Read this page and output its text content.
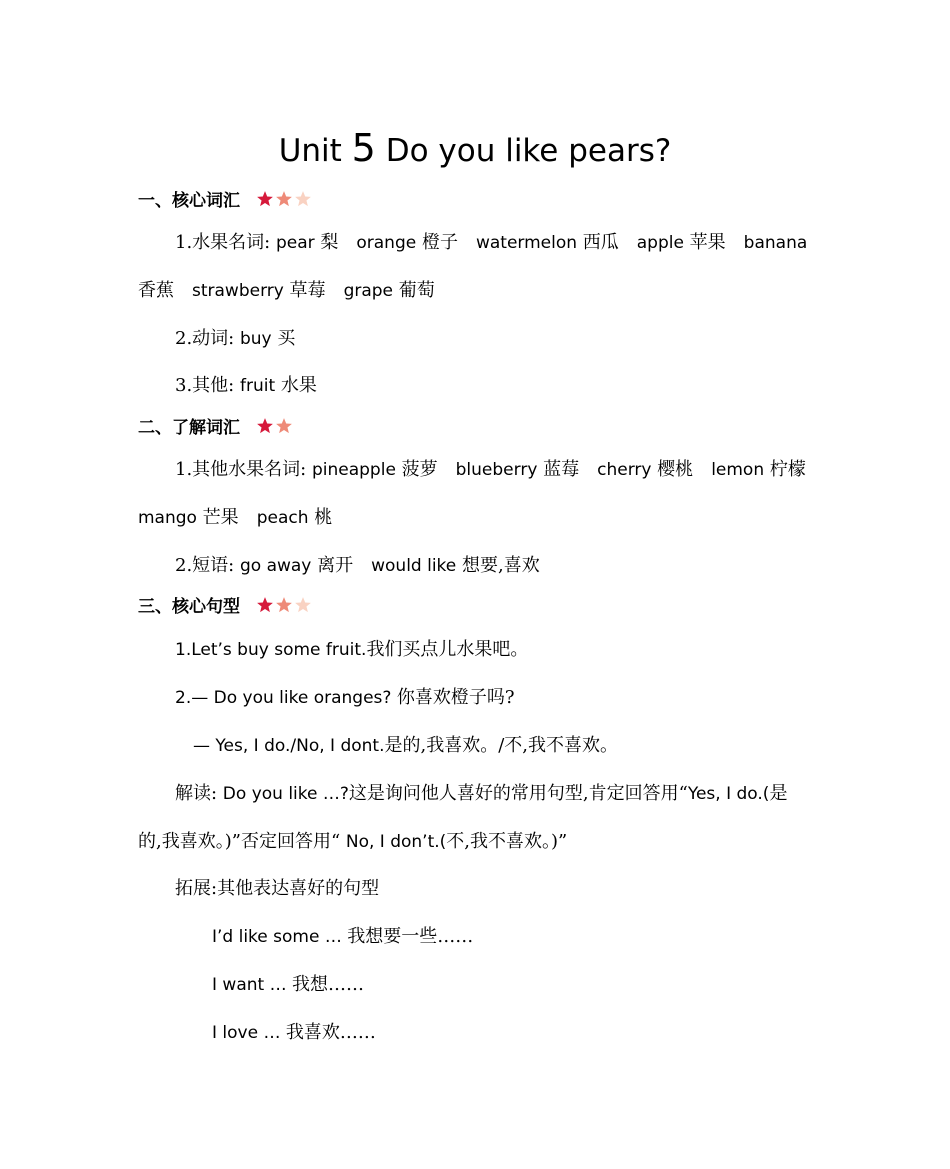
Unit 5 Do you like pears?
一、核心词汇
1.水果名词: pear 梨 orange 橙子 watermelon 西瓜 apple 苹果 banana
香蕉 strawberry 草莓 grape 葡萄
2.动词: buy 买
3.其他: fruit 水果
二、了解词汇
1.其他水果名词: pineapple 菠萝 blueberry 蓝莓 cherry 樱桃 lemon 柠檬
mango 芒果 peach 桃
2.短语: go away 离开 would like 想要,喜欢
三、核心句型
1.Let’s buy some fruit.我们买点儿水果吧。
2.— Do you like oranges? 你喜欢橙子吗?
— Yes, I do./No, I dont.是的,我喜欢。/不,我不喜欢。
解读: Do you like …?这是询问他人喜好的常用句型,肯定回答用“Yes, I do.(是
的,我喜欢。)”否定回答用“ No, I don’t.(不,我不喜欢。)”
拓展:其他表达喜好的句型
I’d like some … 我想要一些……
I want … 我想……
I love … 我喜欢……
